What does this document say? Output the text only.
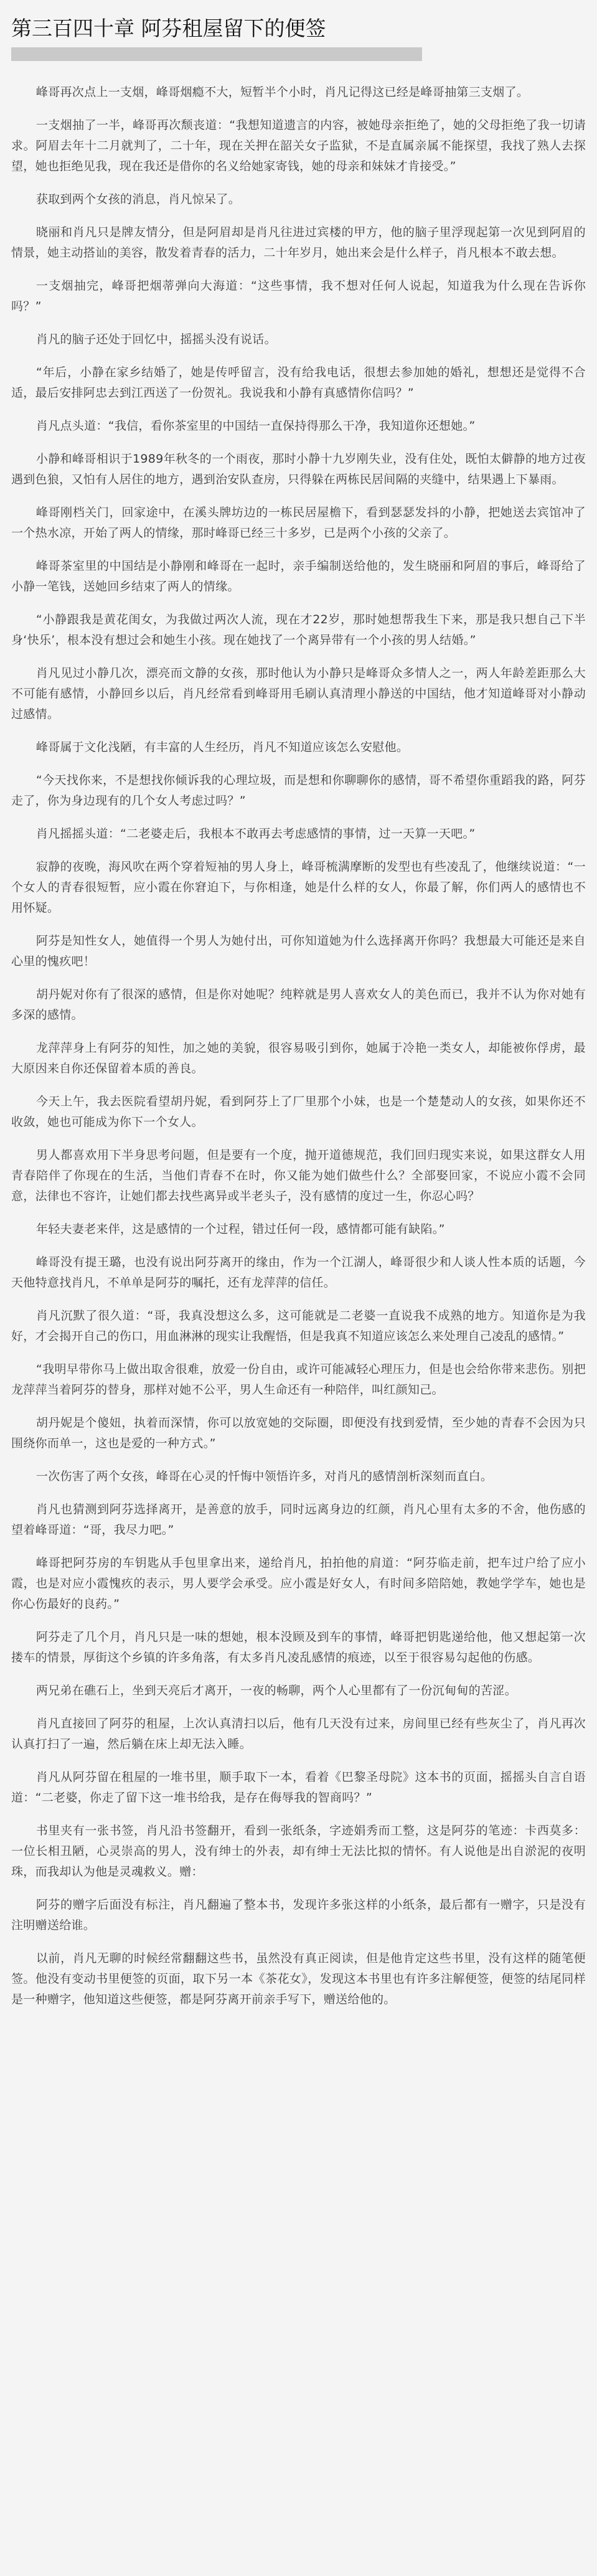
第三百四十章 阿芬租屋留下的便签

峰哥再次点上一支烟，峰哥烟瘾不大，短暂半个小时，肖凡记得这已经是峰哥抽第三支烟了。

一支烟抽了一半，峰哥再次颓丧道：“我想知道遗言的内容，被她母亲拒绝了，她的父母拒绝了我一切请求。阿眉去年十二月就判了，二十年，现在关押在韶关女子监狱，不是直属亲属不能探望，我找了熟人去探望，她也拒绝见我，现在我还是借你的名义给她家寄钱，她的母亲和妹妹才肯接受。”

获取到两个女孩的消息，肖凡惊呆了。

晓丽和肖凡只是牌友情分，但是阿眉却是肖凡往进过宾楼的甲方，他的脑子里浮现起第一次见到阿眉的情景，她主动搭讪的美容，散发着青春的活力，二十年岁月，她出来会是什么样子，肖凡根本不敢去想。

一支烟抽完，峰哥把烟蒂弹向大海道：“这些事情，我不想对任何人说起，知道我为什么现在告诉你吗？”

肖凡的脑子还处于回忆中，摇摇头没有说话。

“年后，小静在家乡结婚了，她是传呼留言，没有给我电话，很想去参加她的婚礼，想想还是觉得不合适，最后安排阿忠去到江西送了一份贺礼。我说我和小静有真感情你信吗？”

肖凡点头道：“我信，看你茶室里的中国结一直保持得那么干净，我知道你还想她。”

小静和峰哥相识于1989年秋冬的一个雨夜，那时小静十九岁刚失业，没有住处，既怕太僻静的地方过夜遇到色狼，又怕有人居住的地方，遇到治安队查房，只得躲在两栋民居间隔的夹缝中，结果遇上下暴雨。

峰哥刚档关门，回家途中，在溪头牌坊边的一栋民居屋檐下，看到瑟瑟发抖的小静，把她送去宾馆冲了一个热水凉，开始了两人的情缘，那时峰哥已经三十多岁，已是两个小孩的父亲了。

峰哥茶室里的中国结是小静刚和峰哥在一起时，亲手编制送给他的，发生晓丽和阿眉的事后，峰哥给了小静一笔钱，送她回乡结束了两人的情缘。

“小静跟我是黄花闺女，为我做过两次人流，现在才22岁，那时她想帮我生下来，那是我只想自己下半身‘快乐’，根本没有想过会和她生小孩。现在她找了一个离异带有一个小孩的男人结婚。”

肖凡见过小静几次，漂亮而文静的女孩，那时他认为小静只是峰哥众多情人之一，两人年龄差距那么大不可能有感情，小静回乡以后，肖凡经常看到峰哥用毛刷认真清理小静送的中国结，他才知道峰哥对小静动过感情。

峰哥属于文化浅陋，有丰富的人生经历，肖凡不知道应该怎么安慰他。

“今天找你来，不是想找你倾诉我的心理垃圾，而是想和你聊聊你的感情，哥不希望你重蹈我的路，阿芬走了，你为身边现有的几个女人考虑过吗？”

肖凡摇摇头道：“二老婆走后，我根本不敢再去考虑感情的事情，过一天算一天吧。”

寂静的夜晚，海风吹在两个穿着短袖的男人身上，峰哥梳满摩断的发型也有些凌乱了，他继续说道：“一个女人的青春很短暂，应小霞在你窘迫下，与你相逢，她是什么样的女人，你最了解，你们两人的感情也不用怀疑。

阿芬是知性女人，她值得一个男人为她付出，可你知道她为什么选择离开你吗？我想最大可能还是来自心里的愧疚吧！

胡丹妮对你有了很深的感情，但是你对她呢？纯粹就是男人喜欢女人的美色而已，我并不认为你对她有多深的感情。

龙萍萍身上有阿芬的知性，加之她的美貌，很容易吸引到你，她属于冷艳一类女人，却能被你俘虏，最大原因来自你还保留着本质的善良。

今天上午，我去医院看望胡丹妮，看到阿芬上了厂里那个小妹，也是一个楚楚动人的女孩，如果你还不收敛，她也可能成为你下一个女人。

男人都喜欢用下半身思考问题，但是要有一个度，抛开道德规范，我们回归现实来说，如果这群女人用青春陪伴了你现在的生活，当他们青春不在时，你又能为她们做些什么？全部娶回家，不说应小霞不会同意，法律也不容许，让她们都去找些离异或半老头子，没有感情的度过一生，你忍心吗？

年轻夫妻老来伴，这是感情的一个过程，错过任何一段，感情都可能有缺陷。”

峰哥没有提王璐，也没有说出阿芬离开的缘由，作为一个江湖人，峰哥很少和人谈人性本质的话题，今天他特意找肖凡，不单单是阿芬的嘱托，还有龙萍萍的信任。

肖凡沉默了很久道：“哥，我真没想这么多，这可能就是二老婆一直说我不成熟的地方。知道你是为我好，才会揭开自己的伤口，用血淋淋的现实让我醒悟，但是我真不知道应该怎么来处理自己凌乱的感情。”

“我明早带你马上做出取舍很难，放爱一份自由，或许可能减轻心理压力，但是也会给你带来悲伤。别把龙萍萍当着阿芬的替身，那样对她不公平，男人生命还有一种陪伴，叫红颜知己。

胡丹妮是个傻妞，执着而深情，你可以放宽她的交际圈，即便没有找到爱情，至少她的青春不会因为只围绕你而单一，这也是爱的一种方式。”

一次伤害了两个女孩，峰哥在心灵的忏悔中领悟许多，对肖凡的感情剖析深刻而直白。

肖凡也猜测到阿芬选择离开，是善意的放手，同时远离身边的红颜，肖凡心里有太多的不舍，他伤感的望着峰哥道：“哥，我尽力吧。”

峰哥把阿芬房的车钥匙从手包里拿出来，递给肖凡，拍拍他的肩道：“阿芬临走前，把车过户给了应小霞，也是对应小霞愧疚的表示，男人要学会承受。应小霞是好女人，有时间多陪陪她，教她学学车，她也是你心伤最好的良药。”

阿芬走了几个月，肖凡只是一味的想她，根本没顾及到车的事情，峰哥把钥匙递给他，他又想起第一次搂车的情景，厚街这个乡镇的许多角落，有太多肖凡凌乱感情的痕迹，以至于很容易勾起他的伤感。

两兄弟在礁石上，坐到天亮后才离开，一夜的畅聊，两个人心里都有了一份沉甸甸的苦涩。

肖凡直接回了阿芬的租屋，上次认真清扫以后，他有几天没有过来，房间里已经有些灰尘了，肖凡再次认真打扫了一遍，然后躺在床上却无法入睡。

肖凡从阿芬留在租屋的一堆书里，顺手取下一本，看着《巴黎圣母院》这本书的页面，摇摇头自言自语道：“二老婆，你走了留下这一堆书给我，是存在侮辱我的智商吗？”

书里夹有一张书签，肖凡沿书签翻开，看到一张纸条，字迹娟秀而工整，这是阿芬的笔迹：卡西莫多：一位长相丑陋，心灵崇高的男人，没有绅士的外表，却有绅士无法比拟的情怀。有人说他是出自淤泥的夜明珠，而我却认为他是灵魂救义。赠：

阿芬的赠字后面没有标注，肖凡翻遍了整本书，发现许多张这样的小纸条，最后都有一赠字，只是没有注明赠送给谁。

以前，肖凡无聊的时候经常翻翻这些书，虽然没有真正阅读，但是他肯定这些书里，没有这样的随笔便签。他没有变动书里便签的页面，取下另一本《茶花女》，发现这本书里也有许多注解便签，便签的结尾同样是一种赠字，他知道这些便签，都是阿芬离开前亲手写下，赠送给他的。
